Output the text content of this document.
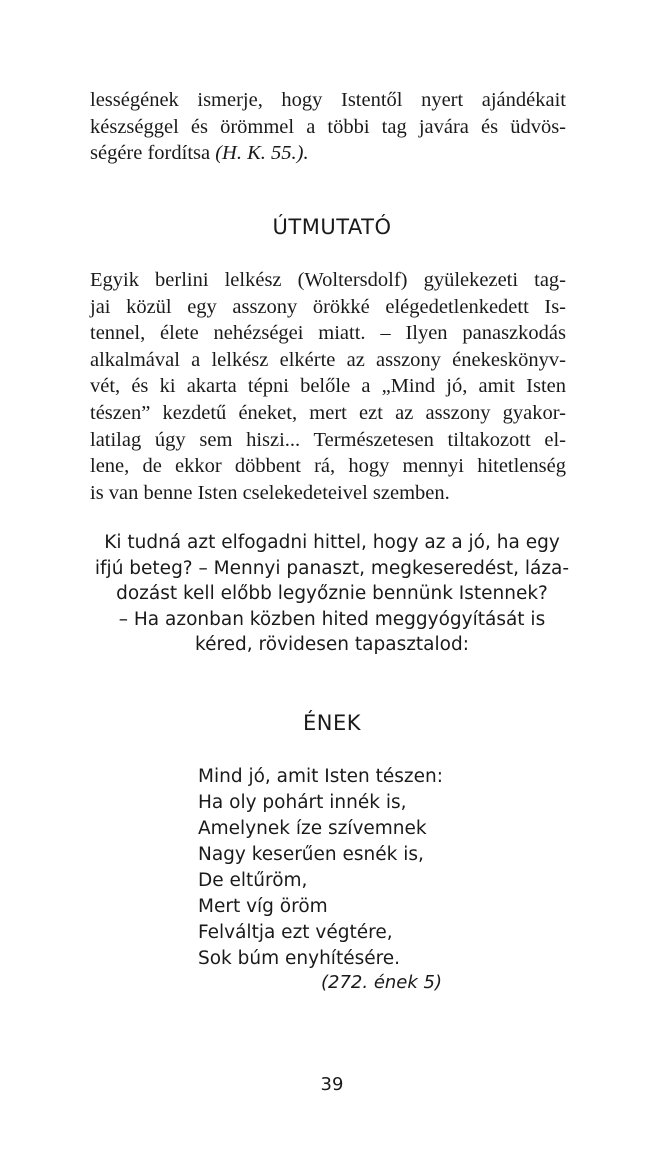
lességének ismerje, hogy Istentől nyert ajándékait
készséggel és örömmel a többi tag javára és üdvös-
ségére fordítsa (H. K. 55.).
ÚTMUTATÓ
Egyik berlini lelkész (Woltersdolf) gyülekezeti tag-
jai közül egy asszony örökké elégedetlenkedett Is-
tennel, élete nehézségei miatt. – Ilyen panaszkodás
alkalmával a lelkész elkérte az asszony énekeskönyv-
vét, és ki akarta tépni belőle a „Mind jó, amit Isten
tészen” kezdetű éneket, mert ezt az asszony gyakor-
latilag úgy sem hiszi... Természetesen tiltakozott el-
lene, de ekkor döbbent rá, hogy mennyi hitetlenség
is van benne Isten cselekedeteivel szemben.
Ki tudná azt elfogadni hittel, hogy az a jó, ha egy
ifjú beteg? – Mennyi panaszt, megkeseredést, láza-
dozást kell előbb legyőznie bennünk Istennek?
– Ha azonban közben hited meggyógyítását is
kéred, rövidesen tapasztalod:
ÉNEK
Mind jó, amit Isten tészen:
Ha oly pohárt innék is,
Amelynek íze szívemnek
Nagy keserűen esnék is,
De eltűröm,
Mert víg öröm
Felváltja ezt végtére,
Sok búm enyhítésére.
(272. ének 5)
39
